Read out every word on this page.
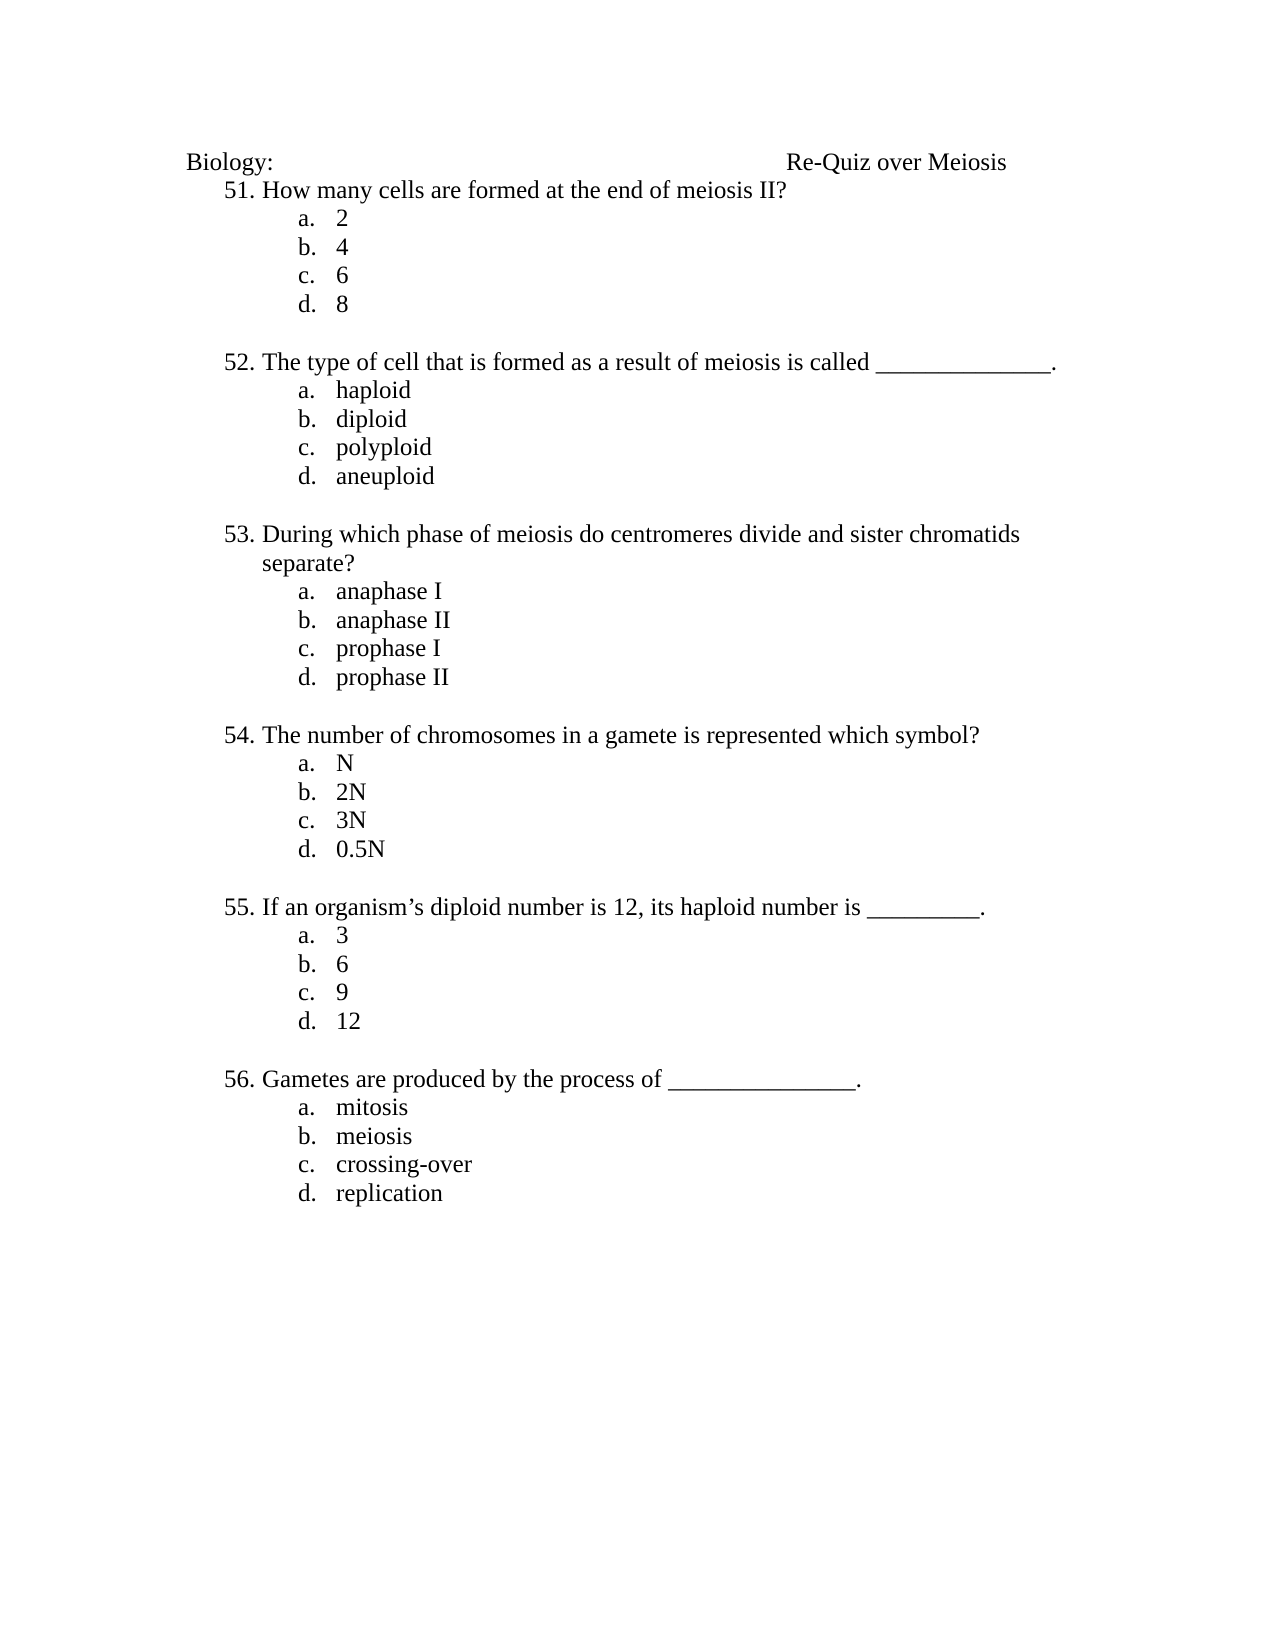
Biology:	Re-Quiz over Meiosis
51. How many cells are formed at the end of meiosis II?
a. 2
b. 4
c. 6
d. 8
52. The type of cell that is formed as a result of meiosis is called ______________.
a. haploid
b. diploid
c. polyploid
d. aneuploid
53. During which phase of meiosis do centromeres divide and sister chromatids
separate?
a. anaphase I
b. anaphase II
c. prophase I
d. prophase II
54. The number of chromosomes in a gamete is represented which symbol?
a. N
b. 2N
c. 3N
d. 0.5N
55. If an organism’s diploid number is 12, its haploid number is _________.
a. 3
b. 6
c. 9
d. 12
56. Gametes are produced by the process of _______________.
a. mitosis
b. meiosis
c. crossing-over
d. replication
